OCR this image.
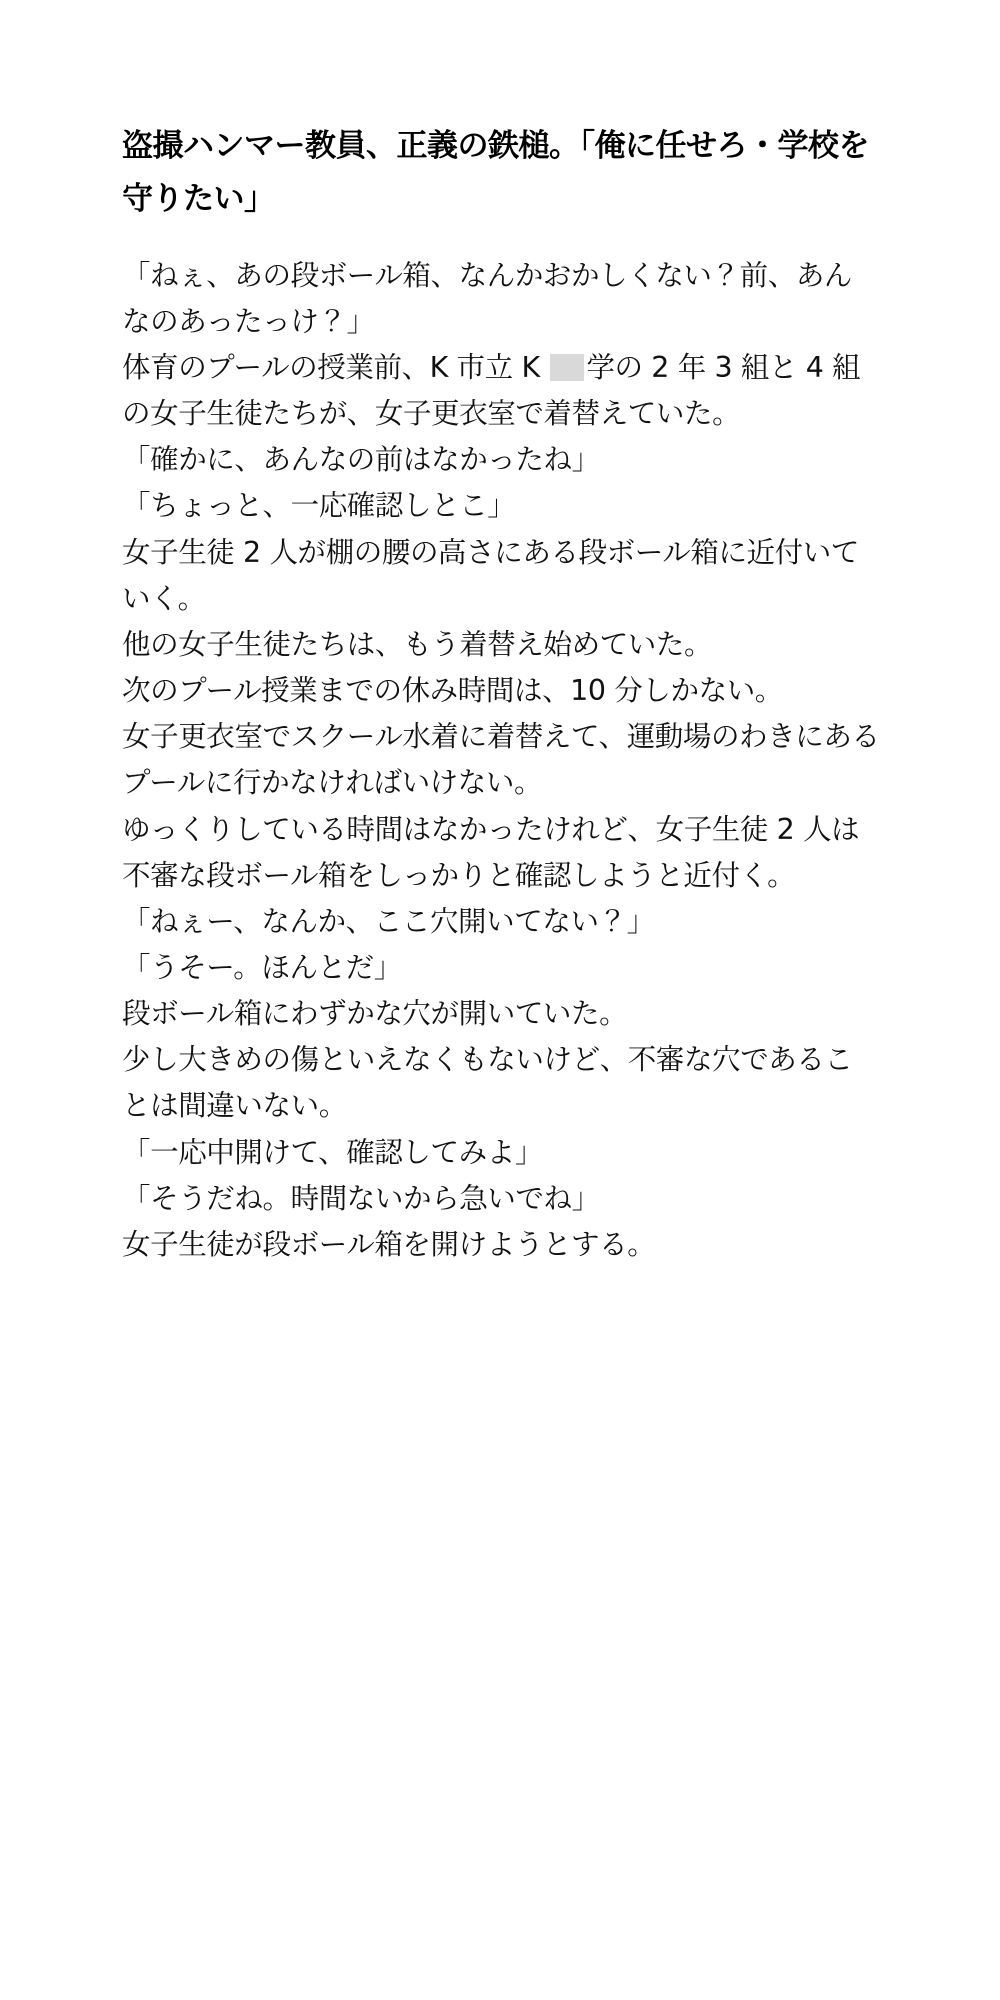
盗撮ハンマー教員、正義の鉄槌。「俺に任せろ・学校を守りたい」

「ねぇ、あの段ボール箱、なんかおかしくない？前、あんなのあったっけ？」

体育のプールの授業前、K 市立 K 学の 2 年 3 組と 4 組の女子生徒たちが、女子更衣室で着替えていた。

「確かに、あんなの前はなかったね」

「ちょっと、一応確認しとこ」

女子生徒 2 人が棚の腰の高さにある段ボール箱に近付いていく。

他の女子生徒たちは、もう着替え始めていた。

次のプール授業までの休み時間は、10 分しかない。

女子更衣室でスクール水着に着替えて、運動場のわきにあるプールに行かなければいけない。

ゆっくりしている時間はなかったけれど、女子生徒 2 人は不審な段ボール箱をしっかりと確認しようと近付く。

「ねぇー、なんか、ここ穴開いてない？」

「うそー。ほんとだ」

段ボール箱にわずかな穴が開いていた。

少し大きめの傷といえなくもないけど、不審な穴であることは間違いない。

「一応中開けて、確認してみよ」

「そうだね。時間ないから急いでね」

女子生徒が段ボール箱を開けようとする。
